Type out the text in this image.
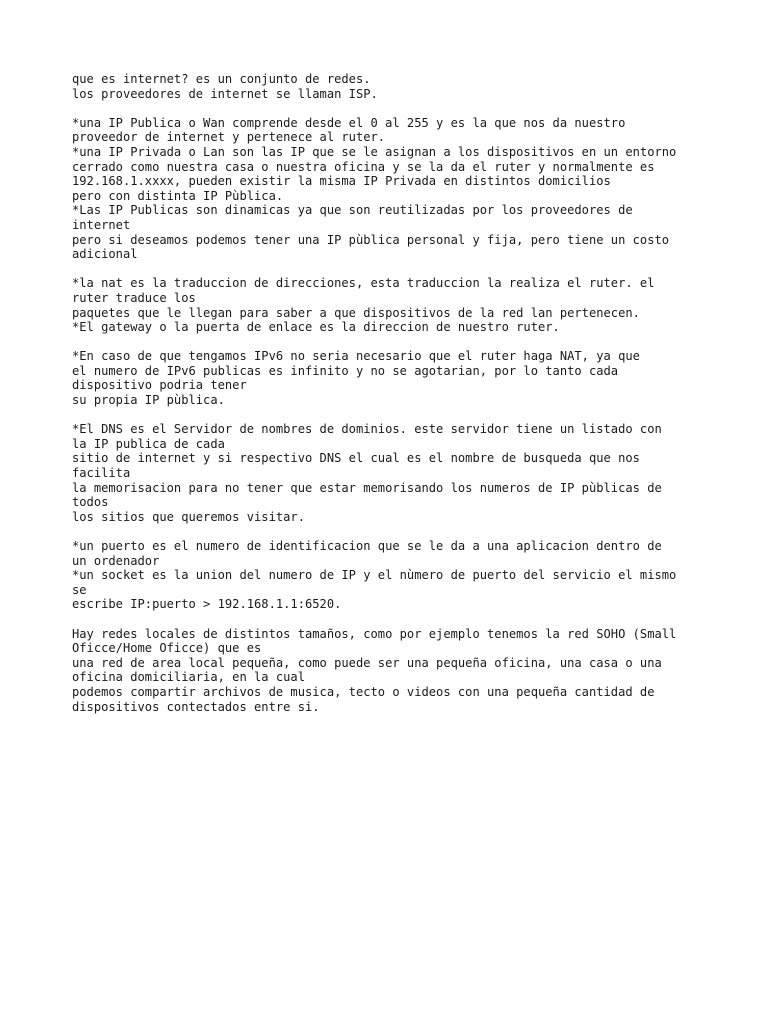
que es internet? es un conjunto de redes.
los proveedores de internet se llaman ISP.
*una IP Publica o Wan comprende desde el 0 al 255 y es la que nos da nuestro
proveedor de internet y pertenece al ruter.
*una IP Privada o Lan son las IP que se le asignan a los dispositivos en un entorno
cerrado como nuestra casa o nuestra oficina y se la da el ruter y normalmente es
192.168.1.xxxx, pueden existir la misma IP Privada en distintos domicilios
pero con distinta IP Pùblica.
*Las IP Publicas son dinamicas ya que son reutilizadas por los proveedores de
internet
pero si deseamos podemos tener una IP pùblica personal y fija, pero tiene un costo
adicional
*la nat es la traduccion de direcciones, esta traduccion la realiza el ruter. el
ruter traduce los
paquetes que le llegan para saber a que dispositivos de la red lan pertenecen.
*El gateway o la puerta de enlace es la direccion de nuestro ruter.
*En caso de que tengamos IPv6 no seria necesario que el ruter haga NAT, ya que
el numero de IPv6 publicas es infinito y no se agotarian, por lo tanto cada
dispositivo podria tener
su propia IP pùblica.
*El DNS es el Servidor de nombres de dominios. este servidor tiene un listado con
la IP publica de cada
sitio de internet y si respectivo DNS el cual es el nombre de busqueda que nos
facilita
la memorisacion para no tener que estar memorisando los numeros de IP pùblicas de
todos
los sitios que queremos visitar.
*un puerto es el numero de identificacion que se le da a una aplicacion dentro de
un ordenador
*un socket es la union del numero de IP y el nùmero de puerto del servicio el mismo
se
escribe IP:puerto > 192.168.1.1:6520.
Hay redes locales de distintos tamaños, como por ejemplo tenemos la red SOHO (Small
Oficce/Home Oficce) que es
una red de area local pequeña, como puede ser una pequeña oficina, una casa o una
oficina domiciliaria, en la cual
podemos compartir archivos de musica, tecto o videos con una pequeña cantidad de
dispositivos contectados entre si.
